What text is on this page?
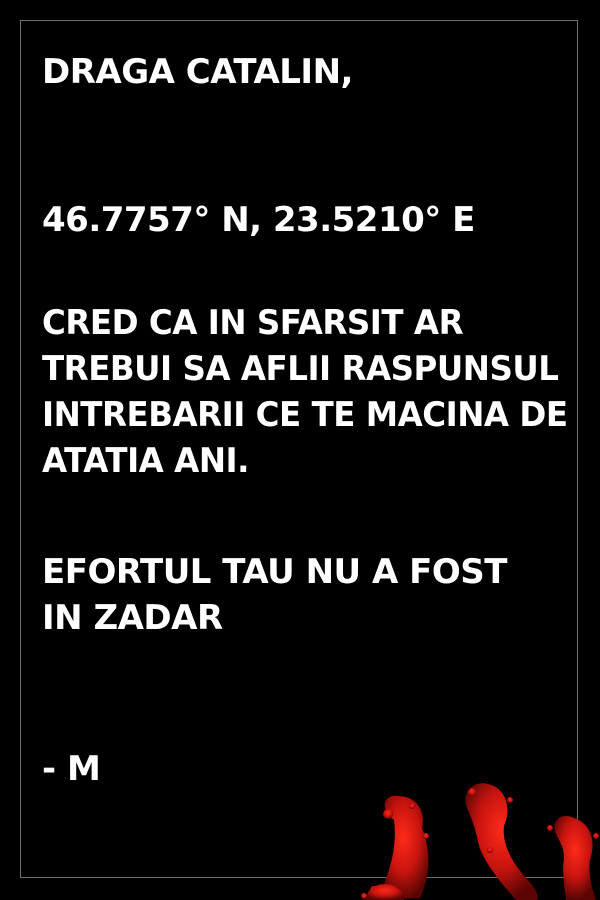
DRAGA CATALIN,
46.7757° N, 23.5210° E
CRED CA IN SFARSIT AR
TREBUI SA AFLII RASPUNSUL
INTREBARII CE TE MACINA DE
ATATIA ANI.
EFORTUL TAU NU A FOST
IN ZADAR
- M
